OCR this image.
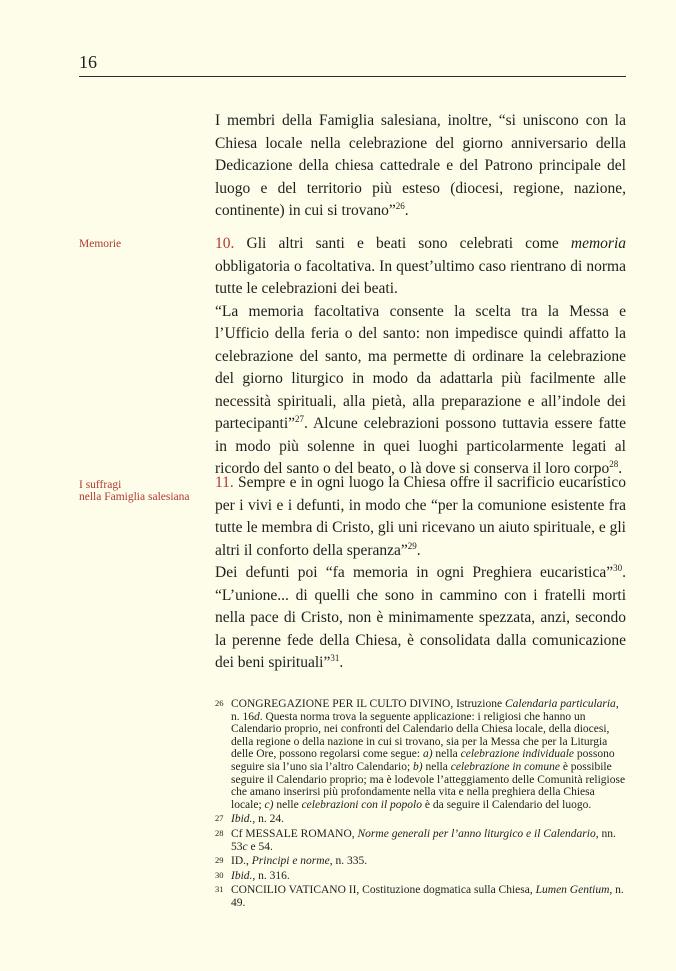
16

I membri della Famiglia salesiana, inoltre, “si uniscono con la Chiesa locale nella celebrazione del giorno anniversario della Dedicazione della chiesa cattedrale e del Patrono principale del luogo e del territorio più esteso (diocesi, regione, nazione, continente) in cui si trovano”$^{26}$.

Memorie
I suffragi
nella Famiglia salesiana

10. Gli altri santi e beati sono celebrati come memoria obbligatoria o facoltativa. In quest’ultimo caso rientrano di norma tutte le celebrazioni dei beati.

“La memoria facoltativa consente la scelta tra la Messa e l’Ufficio della feria o del santo: non impedisce quindi affatto la celebrazione del santo, ma permette di ordinare la celebrazione del giorno liturgico in modo da adattarla più facilmente alle necessità spirituali, alla pietà, alla preparazione e all’indole dei partecipanti”$^{27}$. Alcune celebrazioni possono tuttavia essere fatte in modo più solenne in quei luoghi particolarmente legati al ricordo del santo o del beato, o là dove si conserva il loro corpo$^{28}$.

11. Sempre e in ogni luogo la Chiesa offre il sacrificio eucaristico per i vivi e i defunti, in modo che “per la comunione esistente fra tutte le membra di Cristo, gli uni ricevano un aiuto spirituale, e gli altri il conforto della speranza”$^{29}$.

Dei defunti poi “fa memoria in ogni Preghiera eucaristica”$^{30}$. “L’unione... di quelli che sono in cammino con i fratelli morti nella pace di Cristo, non è minimamente spezzata, anzi, secondo la perenne fede della Chiesa, è consolidata dalla comunicazione dei beni spirituali”$^{31}$.

26 CONGREGAZIONE PER IL CULTO DIVINO, Istruzione Calendaria particularia, n. 16d. Questa norma trova la seguente applicazione: i religiosi che hanno un Calendario proprio, nei confronti del Calendario della Chiesa locale, della diocesi, della regione o della nazione in cui si trovano, sia per la Messa che per la Liturgia delle Ore, possono regolarsi come segue: a) nella celebrazione individuale possono seguire sia l’uno sia l’altro Calendario; b) nella celebrazione in comune è possibile seguire il Calendario proprio; ma è lodevole l’atteggiamento delle Comunità religiose che amano inserirsi più profondamente nella vita e nella preghiera della Chiesa locale; c) nelle celebrazioni con il popolo è da seguire il Calendario del luogo.
27 Ibid., n. 24.
28 Cf MESSALE ROMANO, Norme generali per l’anno liturgico e il Calendario, nn. 53c e 54.
29 ID., Principi e norme, n. 335.
30 Ibid., n. 316.
31 CONCILIO VATICANO II, Costituzione dogmatica sulla Chiesa, Lumen Gentium, n. 49.
